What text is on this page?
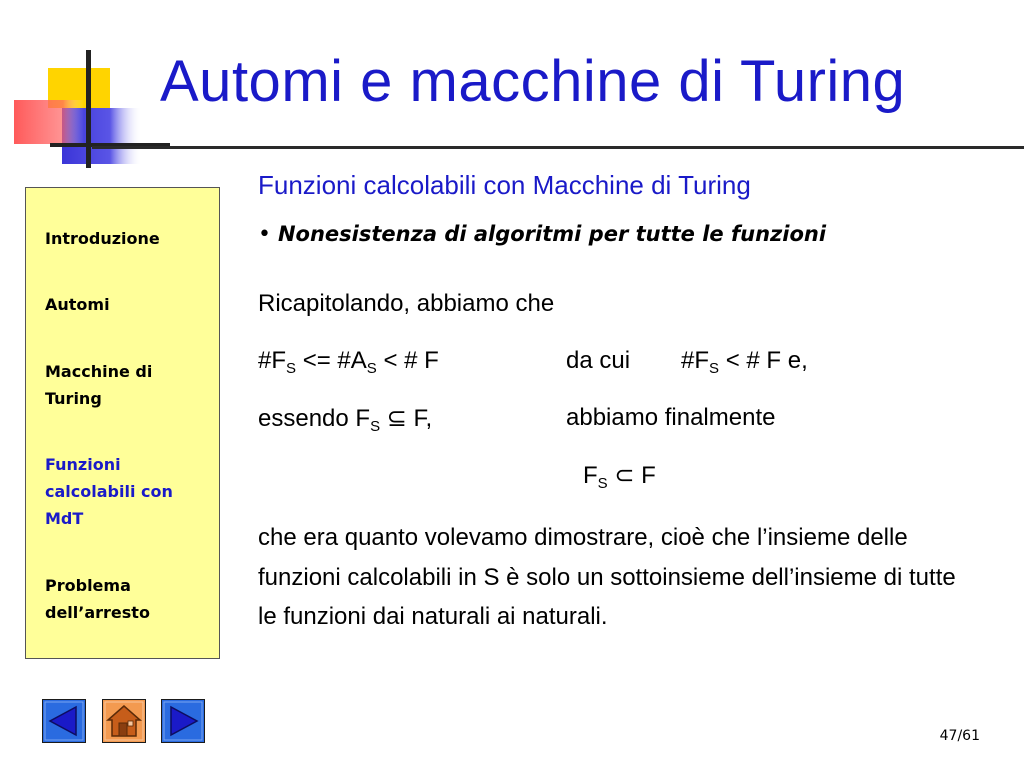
Automi e macchine di Turing
Introduzione
Automi
Macchine di Turing
Funzioni calcolabili con MdT
Problema dell’arresto
Funzioni calcolabili con Macchine di Turing
• Nonesistenza di algoritmi per tutte le funzioni
Ricapitolando, abbiamo che
$\#F_S$ <= $\#A_S$ < # F	da cui $\#F_S$ < # F e,
essendo $F_S$ ⊆ F,	abbiamo finalmente
$F_S$ ⊂ F
che era quanto volevamo dimostrare, cioè che l’insieme delle funzioni calcolabili in S è solo un sottoinsieme dell’insieme di tutte le funzioni dai naturali ai naturali.
47/61
